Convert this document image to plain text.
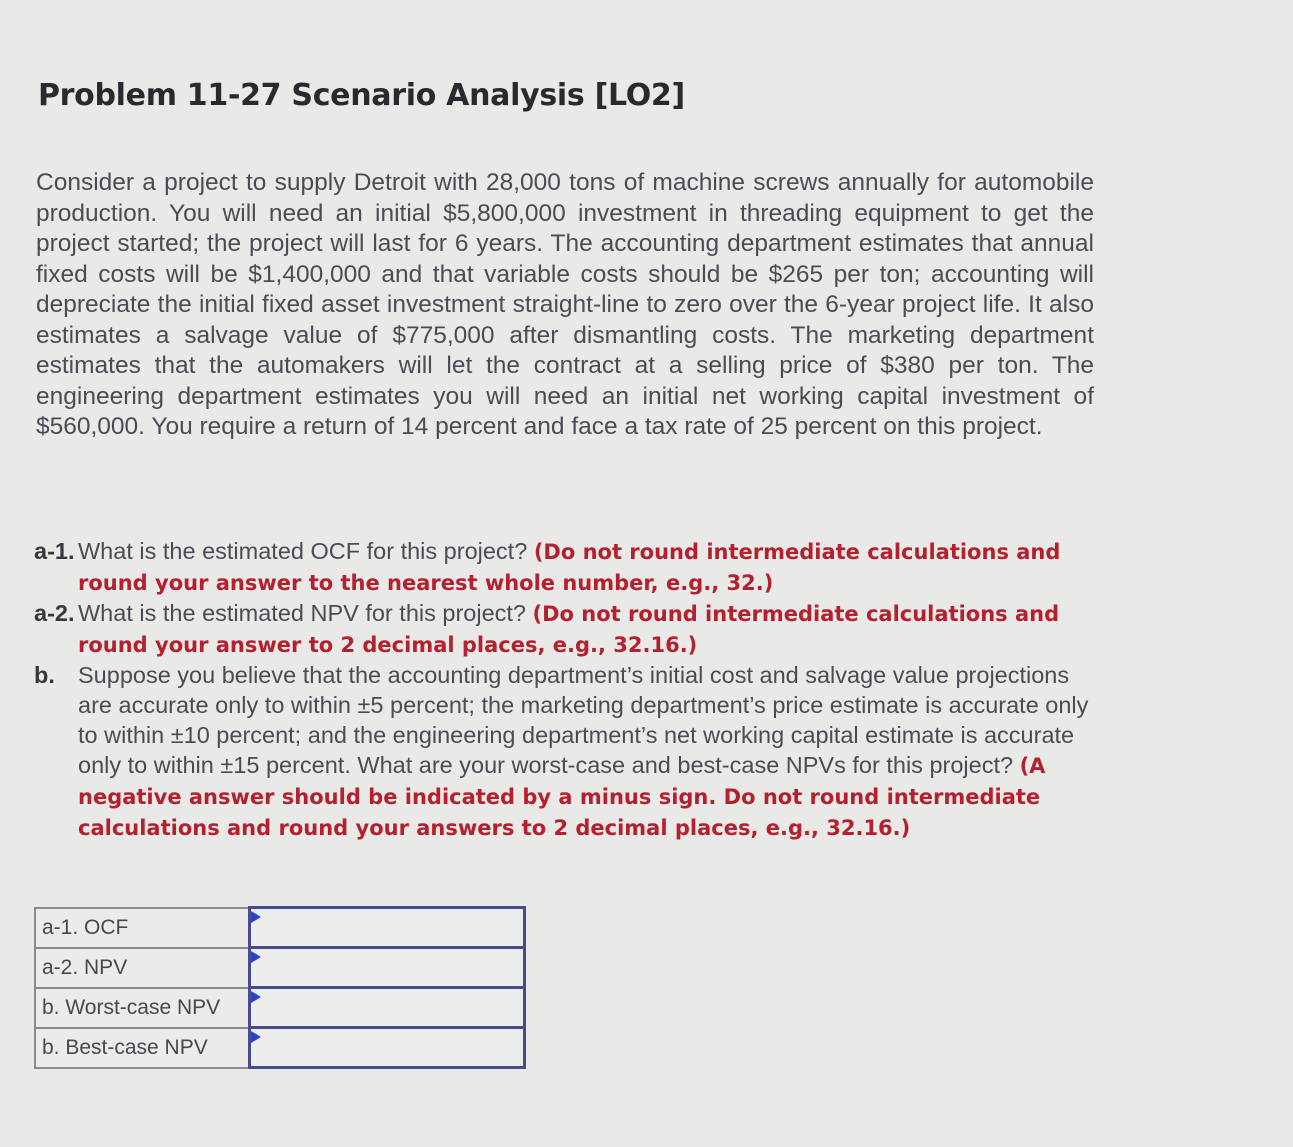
Problem 11-27 Scenario Analysis [LO2]
Consider a project to supply Detroit with 28,000 tons of machine screws annually for automobile production. You will need an initial $5,800,000 investment in threading equipment to get the project started; the project will last for 6 years. The accounting department estimates that annual fixed costs will be $1,400,000 and that variable costs should be $265 per ton; accounting will depreciate the initial fixed asset investment straight-line to zero over the 6-year project life. It also estimates a salvage value of $775,000 after dismantling costs. The marketing department estimates that the automakers will let the contract at a selling price of $380 per ton. The engineering department estimates you will need an initial net working capital investment of $560,000. You require a return of 14 percent and face a tax rate of 25 percent on this project.
a-1. What is the estimated OCF for this project? (Do not round intermediate calculations and round your answer to the nearest whole number, e.g., 32.)
a-2. What is the estimated NPV for this project? (Do not round intermediate calculations and round your answer to 2 decimal places, e.g., 32.16.)
b. Suppose you believe that the accounting department’s initial cost and salvage value projections are accurate only to within ±5 percent; the marketing department’s price estimate is accurate only to within ±10 percent; and the engineering department’s net working capital estimate is accurate only to within ±15 percent. What are your worst-case and best-case NPVs for this project? (A negative answer should be indicated by a minus sign. Do not round intermediate calculations and round your answers to 2 decimal places, e.g., 32.16.)
a-1. OCF	

a-2. NPV	

b. Worst-case NPV	

b. Best-case NPV	
